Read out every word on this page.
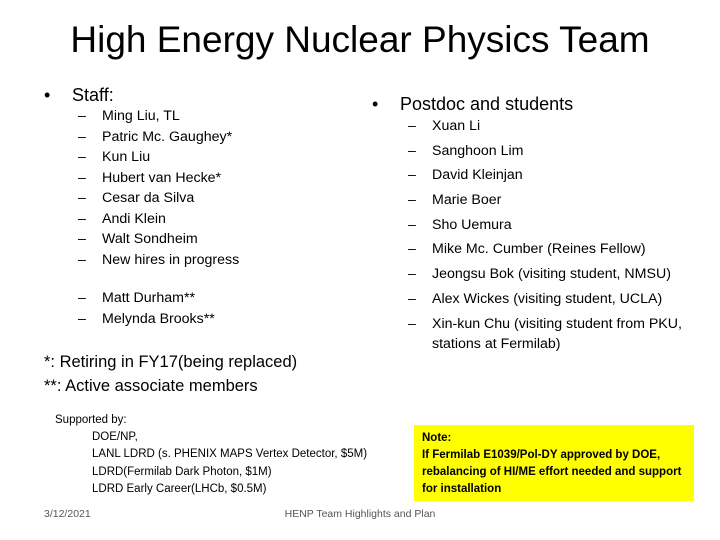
High Energy Nuclear Physics Team
• Staff:
– Ming Liu, TL
– Patric Mc. Gaughey*
– Kun Liu
– Hubert van Hecke*
– Cesar da Silva
– Andi Klein
– Walt Sondheim
– New hires in progress
– Matt Durham**
– Melynda Brooks**
• Postdoc and students
– Xuan Li
– Sanghoon Lim
– David Kleinjan
– Marie Boer
– Sho Uemura
– Mike Mc. Cumber (Reines Fellow)
– Jeongsu Bok (visiting student, NMSU)
– Alex Wickes (visiting student, UCLA)
– Xin-kun Chu (visiting student from PKU, stations at Fermilab)
*: Retiring in FY17(being replaced)
**: Active associate members
Supported by:
DOE/NP,
LANL LDRD (s. PHENIX MAPS Vertex Detector, $5M)
LDRD(Fermilab Dark Photon, $1M)
LDRD Early Career(LHCb, $0.5M)
Note:
If Fermilab E1039/Pol-DY approved by DOE, rebalancing of HI/ME effort needed and support for installation
3/12/2021	HENP Team Highlights and Plan
